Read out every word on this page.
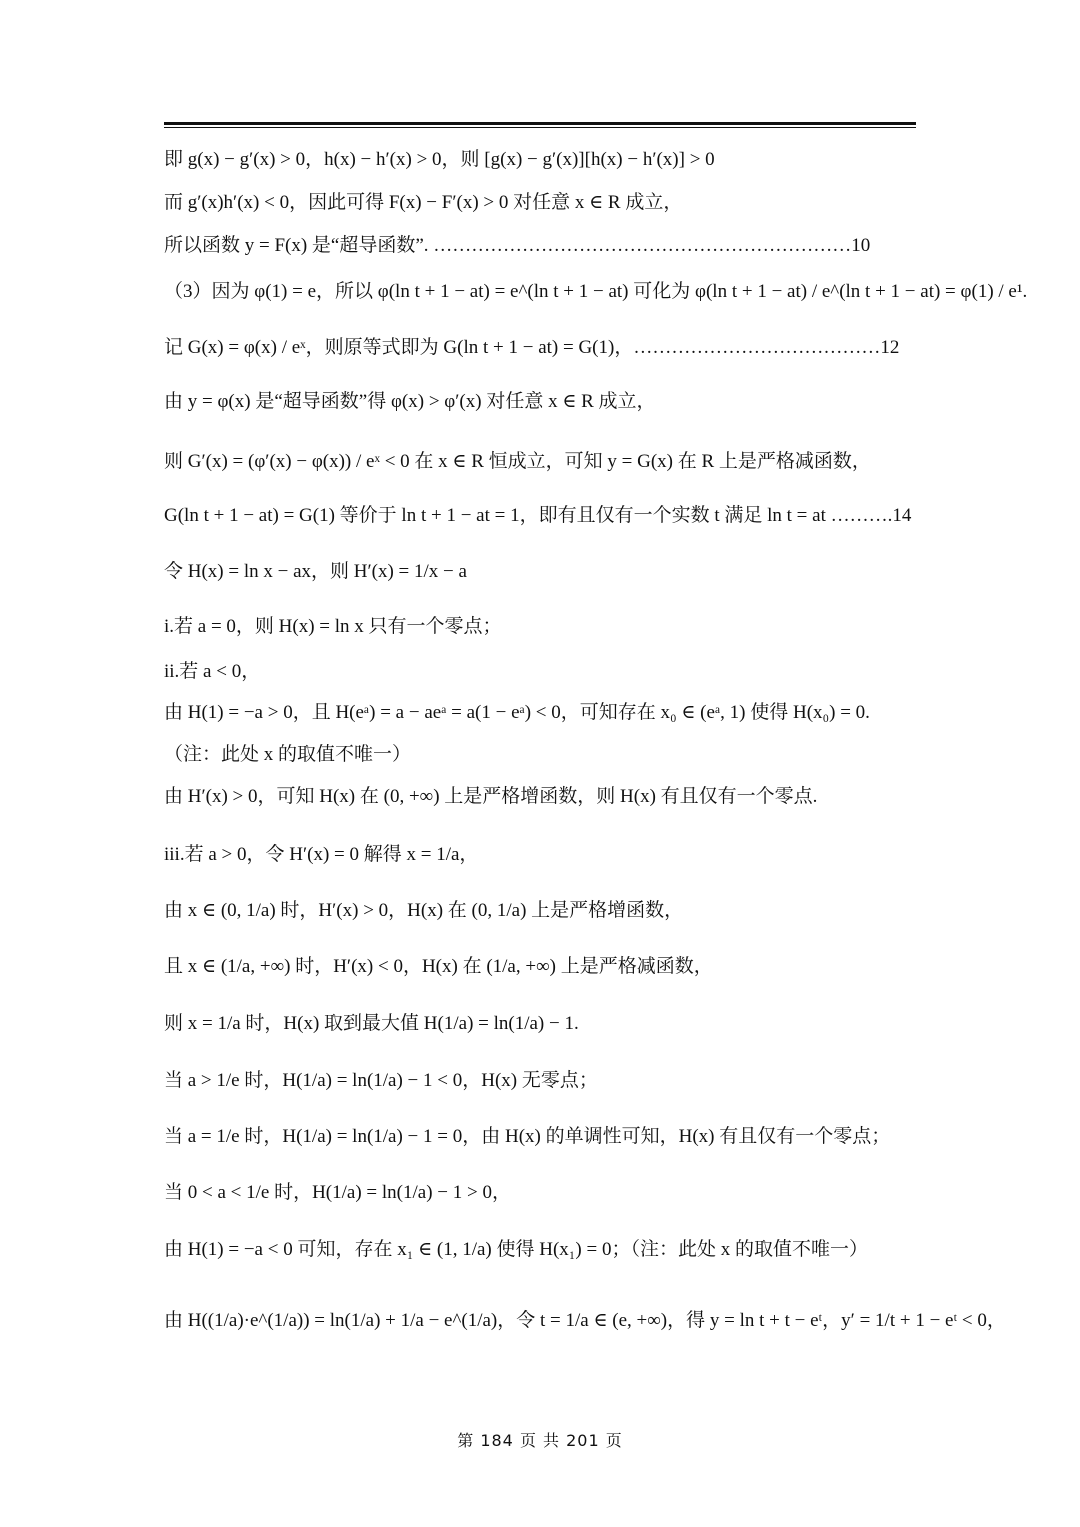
即 g(x) − g′(x) > 0，h(x) − h′(x) > 0，则 [g(x) − g′(x)][h(x) − h′(x)] > 0
而 g′(x)h′(x) < 0，因此可得 F(x) − F′(x) > 0 对任意 x ∈ R 成立，
所以函数 y = F(x) 是“超导函数”. …………………………………………………………10
（3）因为 φ(1) = e，所以 φ(ln t + 1 − at) = e^(ln t + 1 − at) 可化为 φ(ln t + 1 − at) / e^(ln t + 1 − at) = φ(1) / e¹.
记 G(x) = φ(x) / eˣ，则原等式即为 G(ln t + 1 − at) = G(1)，…………………………………12
由 y = φ(x) 是“超导函数”得 φ(x) > φ′(x) 对任意 x ∈ R 成立，
则 G′(x) = (φ′(x) − φ(x)) / eˣ < 0 在 x ∈ R 恒成立，可知 y = G(x) 在 R 上是严格减函数，
G(ln t + 1 − at) = G(1) 等价于 ln t + 1 − at = 1，即有且仅有一个实数 t 满足 ln t = at ……….14
令 H(x) = ln x − ax，则 H′(x) = 1/x − a
i.若 a = 0，则 H(x) = ln x 只有一个零点；
ii.若 a < 0，
由 H(1) = −a > 0，且 H(eᵃ) = a − aeᵃ = a(1 − eᵃ) < 0，可知存在 x₀ ∈ (eᵃ, 1) 使得 H(x₀) = 0.
（注：此处 x 的取值不唯一）
由 H′(x) > 0，可知 H(x) 在 (0, +∞) 上是严格增函数，则 H(x) 有且仅有一个零点.
iii.若 a > 0，令 H′(x) = 0 解得 x = 1/a，
由 x ∈ (0, 1/a) 时，H′(x) > 0，H(x) 在 (0, 1/a) 上是严格增函数，
且 x ∈ (1/a, +∞) 时，H′(x) < 0，H(x) 在 (1/a, +∞) 上是严格减函数，
则 x = 1/a 时，H(x) 取到最大值 H(1/a) = ln(1/a) − 1.
当 a > 1/e 时，H(1/a) = ln(1/a) − 1 < 0，H(x) 无零点；
当 a = 1/e 时，H(1/a) = ln(1/a) − 1 = 0，由 H(x) 的单调性可知，H(x) 有且仅有一个零点；
当 0 < a < 1/e 时，H(1/a) = ln(1/a) − 1 > 0，
由 H(1) = −a < 0 可知，存在 x₁ ∈ (1, 1/a) 使得 H(x₁) = 0；（注：此处 x 的取值不唯一）
由 H((1/a)·e^(1/a)) = ln(1/a) + 1/a − e^(1/a)，令 t = 1/a ∈ (e, +∞)，得 y = ln t + t − eᵗ，y′ = 1/t + 1 − eᵗ < 0，
第 184 页 共 201 页
